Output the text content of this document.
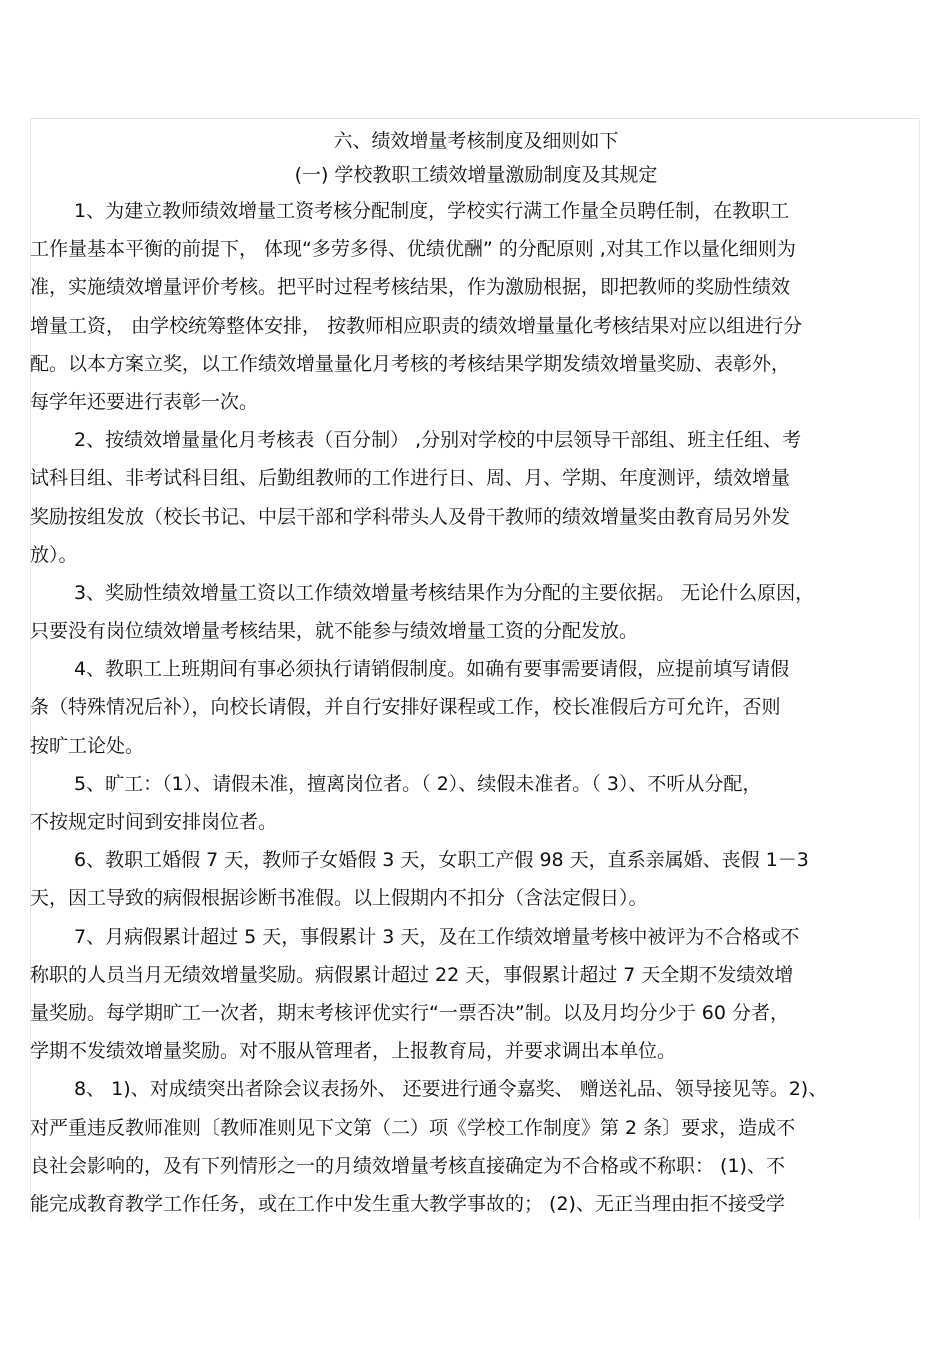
六、绩效增量考核制度及细则如下
(一) 学校教职工绩效增量激励制度及其规定

1、为建立教师绩效增量工资考核分配制度，学校实行满工作量全员聘任制，在教职工

工作量基本平衡的前提下， 体现“多劳多得、优绩优酬” 的分配原则 ,对其工作以量化细则为

准，实施绩效增量评价考核。把平时过程考核结果，作为激励根据，即把教师的奖励性绩效

增量工资， 由学校统筹整体安排， 按教师相应职责的绩效增量量化考核结果对应以组进行分

配。以本方案立奖，以工作绩效增量量化月考核的考核结果学期发绩效增量奖励、表彰外，

每学年还要进行表彰一次。

2、按绩效增量量化月考核表（百分制） ,分别对学校的中层领导干部组、班主任组、考

试科目组、非考试科目组、后勤组教师的工作进行日、周、月、学期、年度测评，绩效增量

奖励按组发放（校长书记、中层干部和学科带头人及骨干教师的绩效增量奖由教育局另外发

放）。

3、奖励性绩效增量工资以工作绩效增量考核结果作为分配的主要依据。 无论什么原因，

只要没有岗位绩效增量考核结果，就不能参与绩效增量工资的分配发放。

4、教职工上班期间有事必须执行请销假制度。如确有要事需要请假，应提前填写请假

条（特殊情况后补），向校长请假，并自行安排好课程或工作，校长准假后方可允许，否则

按旷工论处。

5、旷工：（1）、请假未准，擅离岗位者。（ 2）、续假未准者。（ 3）、不听从分配，

不按规定时间到安排岗位者。

6、教职工婚假 7 天，教师子女婚假 3 天，女职工产假 98 天，直系亲属婚、丧假 1－3

天，因工导致的病假根据诊断书准假。以上假期内不扣分（含法定假日）。

7、月病假累计超过 5 天，事假累计 3 天，及在工作绩效增量考核中被评为不合格或不

称职的人员当月无绩效增量奖励。病假累计超过 22 天，事假累计超过 7 天全期不发绩效增

量奖励。每学期旷工一次者，期末考核评优实行“一票否决”制。以及月均分少于 60 分者，

学期不发绩效增量奖励。对不服从管理者，上报教育局，并要求调出本单位。

8、 1)、对成绩突出者除会议表扬外、 还要进行通令嘉奖、 赠送礼品、领导接见等。2)、

对严重违反教师准则〔教师准则见下文第（二）项《学校工作制度》第 2 条〕要求，造成不

良社会影响的，及有下列情形之一的月绩效增量考核直接确定为不合格或不称职： (1)、不

能完成教育教学工作任务，或在工作中发生重大教学事故的； (2)、无正当理由拒不接受学
